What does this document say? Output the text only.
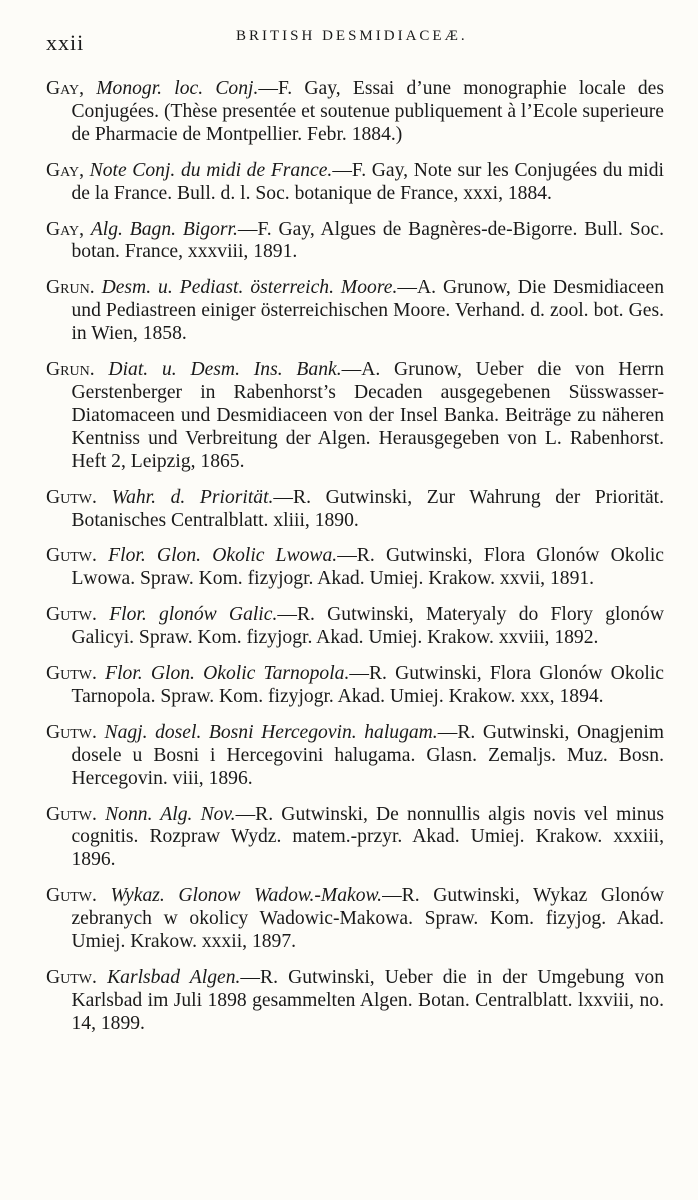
xxii	BRITISH DESMIDIACEÆ.

Gay, Monogr. loc. Conj.—F. Gay, Essai d’une monographie locale des Conjugées. (Thèse presentée et soutenue publiquement à l’Ecole superieure de Pharmacie de Montpellier. Febr. 1884.)

Gay, Note Conj. du midi de France.—F. Gay, Note sur les Conjugées du midi de la France. Bull. d. l. Soc. botanique de France, xxxi, 1884.

Gay, Alg. Bagn. Bigorr.—F. Gay, Algues de Bagnères-de-Bigorre. Bull. Soc. botan. France, xxxviii, 1891.

Grun. Desm. u. Pediast. österreich. Moore.—A. Grunow, Die Desmidiaceen und Pediastreen einiger österreichischen Moore. Verhand. d. zool. bot. Ges. in Wien, 1858.

Grun. Diat. u. Desm. Ins. Bank.—A. Grunow, Ueber die von Herrn Gerstenberger in Rabenhorst’s Decaden ausgegebenen Süsswasser-Diatomaceen und Desmidiaceen von der Insel Banka. Beiträge zu näheren Kentniss und Verbreitung der Algen. Herausgegeben von L. Rabenhorst. Heft 2, Leipzig, 1865.

Gutw. Wahr. d. Priorität.—R. Gutwinski, Zur Wahrung der Priorität. Botanisches Centralblatt. xliii, 1890.

Gutw. Flor. Glon. Okolic Lwowa.—R. Gutwinski, Flora Glonów Okolic Lwowa. Spraw. Kom. fizyjogr. Akad. Umiej. Krakow. xxvii, 1891.

Gutw. Flor. glonów Galic.—R. Gutwinski, Materyaly do Flory glonów Galicyi. Spraw. Kom. fizyjogr. Akad. Umiej. Krakow. xxviii, 1892.

Gutw. Flor. Glon. Okolic Tarnopola.—R. Gutwinski, Flora Glonów Okolic Tarnopola. Spraw. Kom. fizyjogr. Akad. Umiej. Krakow. xxx, 1894.

Gutw. Nagj. dosel. Bosni Hercegovin. halugam.—R. Gutwinski, Onagjenim dosele u Bosni i Hercegovini halugama. Glasn. Zemaljs. Muz. Bosn. Hercegovin. viii, 1896.

Gutw. Nonn. Alg. Nov.—R. Gutwinski, De nonnullis algis novis vel minus cognitis. Rozpraw Wydz. matem.-przyr. Akad. Umiej. Krakow. xxxiii, 1896.

Gutw. Wykaz. Glonow Wadow.-Makow.—R. Gutwinski, Wykaz Glonów zebranych w okolicy Wadowic-Makowa. Spraw. Kom. fizyjog. Akad. Umiej. Krakow. xxxii, 1897.

Gutw. Karlsbad Algen.—R. Gutwinski, Ueber die in der Umgebung von Karlsbad im Juli 1898 gesammelten Algen. Botan. Centralblatt. lxxviii, no. 14, 1899.
